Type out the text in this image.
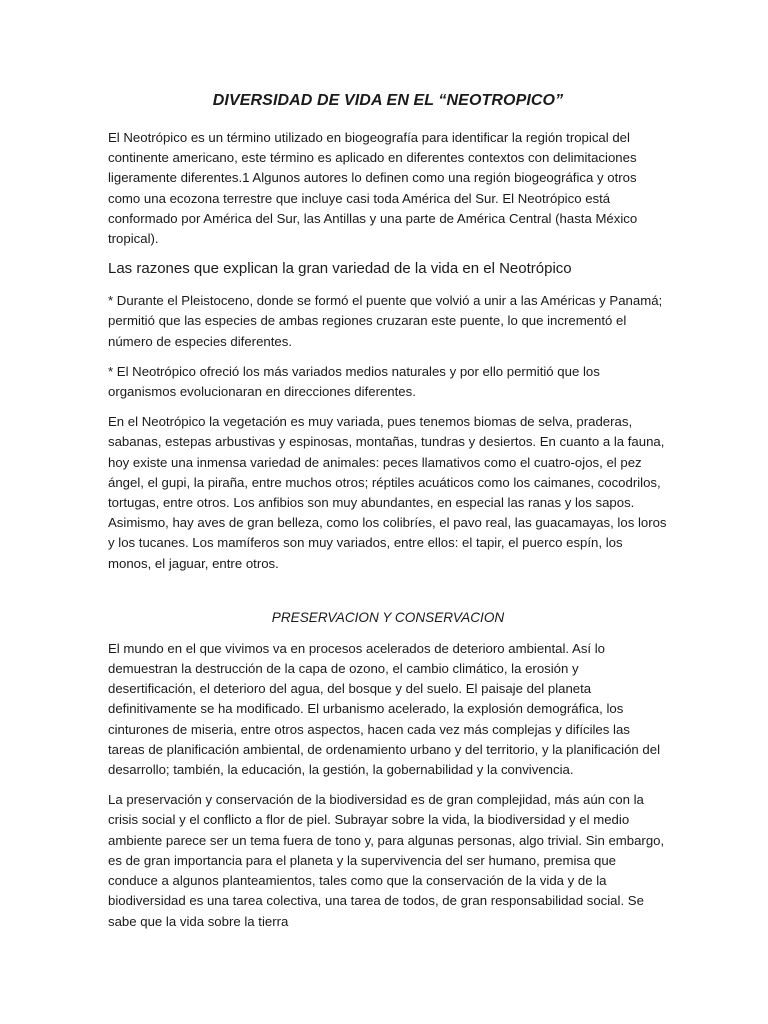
DIVERSIDAD DE VIDA EN EL “NEOTROPICO”

El Neotrópico es un término utilizado en biogeografía para identificar la región tropical del continente americano, este término es aplicado en diferentes contextos con delimitaciones ligeramente diferentes.1 Algunos autores lo definen como una región biogeográfica y otros como una ecozona terrestre que incluye casi toda América del Sur. El Neotrópico está conformado por América del Sur, las Antillas y una parte de América Central (hasta México tropical).

Las razones que explican la gran variedad de la vida en el Neotrópico

* Durante el Pleistoceno, donde se formó el puente que volvió a unir a las Américas y Panamá; permitió que las especies de ambas regiones cruzaran este puente, lo que incrementó el número de especies diferentes.

* El Neotrópico ofreció los más variados medios naturales y por ello permitió que los organismos evolucionaran en direcciones diferentes.

En el Neotrópico la vegetación es muy variada, pues tenemos biomas de selva, praderas, sabanas, estepas arbustivas y espinosas, montañas, tundras y desiertos. En cuanto a la fauna, hoy existe una inmensa variedad de animales: peces llamativos como el cuatro-ojos, el pez ángel, el gupi, la piraña, entre muchos otros; réptiles acuáticos como los caimanes, cocodrilos, tortugas, entre otros. Los anfibios son muy abundantes, en especial las ranas y los sapos. Asimismo, hay aves de gran belleza, como los colibríes, el pavo real, las guacamayas, los loros y los tucanes. Los mamíferos son muy variados, entre ellos: el tapir, el puerco espín, los monos, el jaguar, entre otros.

PRESERVACION Y CONSERVACION

El mundo en el que vivimos va en procesos acelerados de deterioro ambiental. Así lo demuestran la destrucción de la capa de ozono, el cambio climático, la erosión y desertificación, el deterioro del agua, del bosque y del suelo. El paisaje del planeta definitivamente se ha modificado. El urbanismo acelerado, la explosión demográfica, los cinturones de miseria, entre otros aspectos, hacen cada vez más complejas y difíciles las tareas de planificación ambiental, de ordenamiento urbano y del territorio, y la planificación del desarrollo; también, la educación, la gestión, la gobernabilidad y la convivencia.

La preservación y conservación de la biodiversidad es de gran complejidad, más aún con la crisis social y el conflicto a flor de piel. Subrayar sobre la vida, la biodiversidad y el medio ambiente parece ser un tema fuera de tono y, para algunas personas, algo trivial. Sin embargo, es de gran importancia para el planeta y la supervivencia del ser humano, premisa que conduce a algunos planteamientos, tales como que la conservación de la vida y de la biodiversidad es una tarea colectiva, una tarea de todos, de gran responsabilidad social. Se sabe que la vida sobre la tierra
